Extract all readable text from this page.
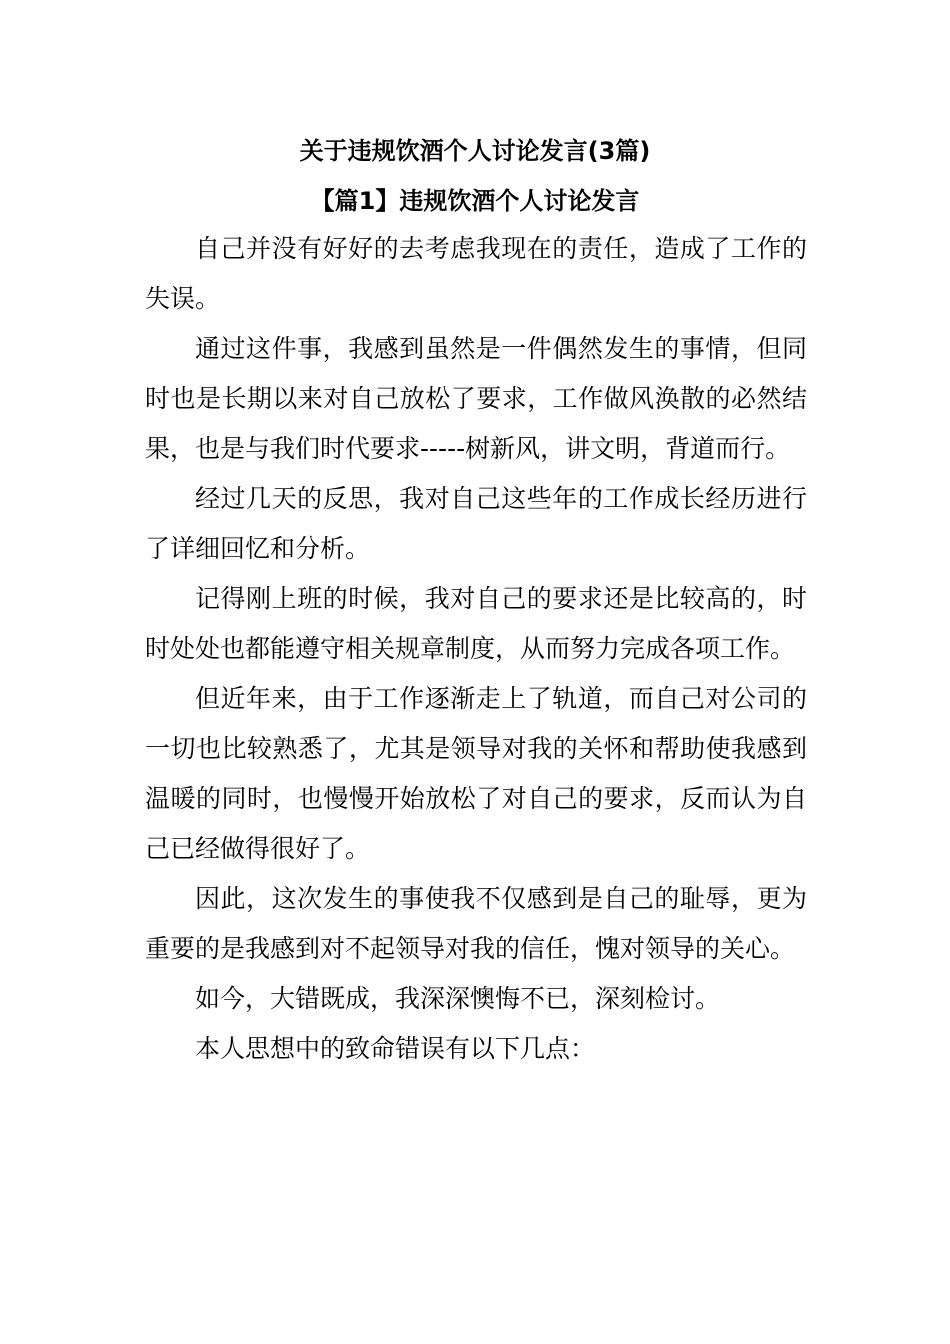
关于违规饮酒个人讨论发言(3篇)
【篇1】违规饮酒个人讨论发言

自己并没有好好的去考虑我现在的责任，造成了工作的失误。

通过这件事，我感到虽然是一件偶然发生的事情，但同时也是长期以来对自己放松了要求，工作做风涣散的必然结果，也是与我们时代要求-----树新风，讲文明，背道而行。

经过几天的反思，我对自己这些年的工作成长经历进行了详细回忆和分析。

记得刚上班的时候，我对自己的要求还是比较高的，时时处处也都能遵守相关规章制度，从而努力完成各项工作。

但近年来，由于工作逐渐走上了轨道，而自己对公司的一切也比较熟悉了，尤其是领导对我的关怀和帮助使我感到温暖的同时，也慢慢开始放松了对自己的要求，反而认为自己已经做得很好了。

因此，这次发生的事使我不仅感到是自己的耻辱，更为重要的是我感到对不起领导对我的信任，愧对领导的关心。

如今，大错既成，我深深懊悔不已，深刻检讨。

本人思想中的致命错误有以下几点：
